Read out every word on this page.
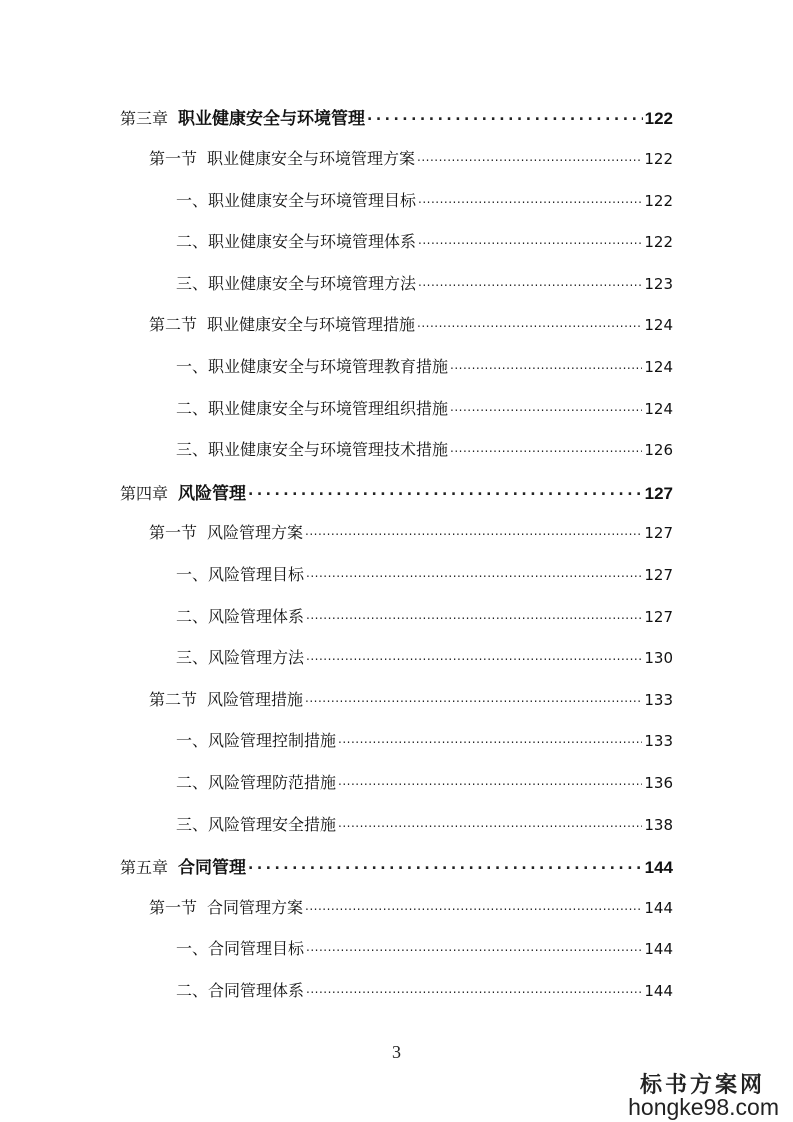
第三章 职业健康安全与环境管理 .....	122
第一节 职业健康安全与环境管理方案 .....	122
一、职业健康安全与环境管理目标 .....	122
二、职业健康安全与环境管理体系 .....	122
三、职业健康安全与环境管理方法 .....	123
第二节 职业健康安全与环境管理措施 .....	124
一、职业健康安全与环境管理教育措施 .....	124
二、职业健康安全与环境管理组织措施 .....	124
三、职业健康安全与环境管理技术措施 .....	126
第四章 风险管理 .....	127
第一节 风险管理方案 .....	127
一、风险管理目标 .....	127
二、风险管理体系 .....	127
三、风险管理方法 .....	130
第二节 风险管理措施 .....	133
一、风险管理控制措施 .....	133
二、风险管理防范措施 .....	136
三、风险管理安全措施 .....	138
第五章 合同管理 .....	144
第一节 合同管理方案 .....	144
一、合同管理目标 .....	144
二、合同管理体系 .....	144
3
标书方案网
hongke98.com
